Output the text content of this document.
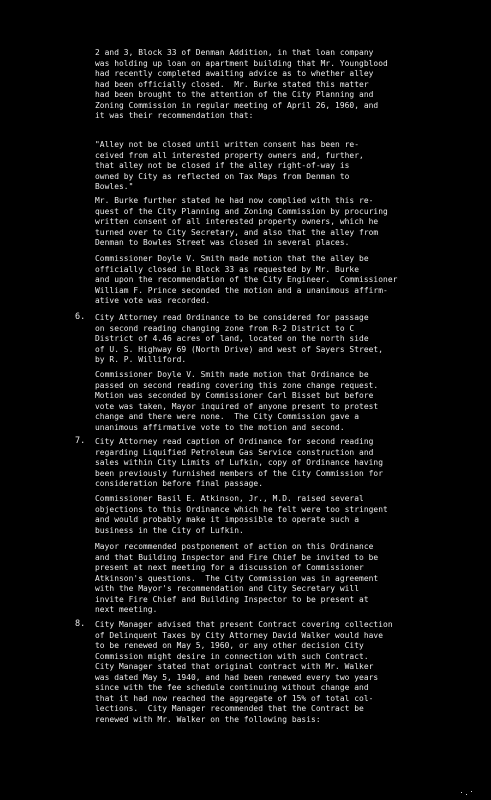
2 and 3, Block 33 of Denman Addition, in that loan company
was holding up loan on apartment building that Mr. Youngblood
had recently completed awaiting advice as to whether alley
had been officially closed.  Mr. Burke stated this matter
had been brought to the attention of the City Planning and
Zoning Commission in regular meeting of April 26, 1960, and
it was their recommendation that:
"Alley not be closed until written consent has been re-
ceived from all interested property owners and, further,
that alley not be closed if the alley right-of-way is
owned by City as reflected on Tax Maps from Denman to
Bowles."
Mr. Burke further stated he had now complied with this re-
quest of the City Planning and Zoning Commission by procuring
written consent of all interested property owners, which he
turned over to City Secretary, and also that the alley from
Denman to Bowles Street was closed in several places.
Commissioner Doyle V. Smith made motion that the alley be
officially closed in Block 33 as requested by Mr. Burke
and upon the recommendation of the City Engineer.  Commissioner
William F. Prince seconded the motion and a unanimous affirm-
ative vote was recorded.
6. City Attorney read Ordinance to be considered for passage
on second reading changing zone from R-2 District to C
District of 4.46 acres of land, located on the north side
of U. S. Highway 69 (North Drive) and west of Sayers Street,
by R. P. Williford.
Commissioner Doyle V. Smith made motion that Ordinance be
passed on second reading covering this zone change request.
Motion was seconded by Commissioner Carl Bisset but before
vote was taken, Mayor inquired of anyone present to protest
change and there were none.  The City Commission gave a
unanimous affirmative vote to the motion and second.
7. City Attorney read caption of Ordinance for second reading
regarding Liquified Petroleum Gas Service construction and
sales within City Limits of Lufkin, copy of Ordinance having
been previously furnished members of the City Commission for
consideration before final passage.
Commissioner Basil E. Atkinson, Jr., M.D. raised several
objections to this Ordinance which he felt were too stringent
and would probably make it impossible to operate such a
business in the City of Lufkin.
Mayor recommended postponement of action on this Ordinance
and that Building Inspector and Fire Chief be invited to be
present at next meeting for a discussion of Commissioner
Atkinson's questions.  The City Commission was in agreement
with the Mayor's recommendation and City Secretary will
invite Fire Chief and Building Inspector to be present at
next meeting.
8. City Manager advised that present Contract covering collection
of Delinquent Taxes by City Attorney David Walker would have
to be renewed on May 5, 1960, or any other decision City
Commission might desire in connection with such Contract.
City Manager stated that original contract with Mr. Walker
was dated May 5, 1940, and had been renewed every two years
since with the fee schedule continuing without change and
that it had now reached the aggregate of 15% of total col-
lections.  City Manager recommended that the Contract be
renewed with Mr. Walker on the following basis:
